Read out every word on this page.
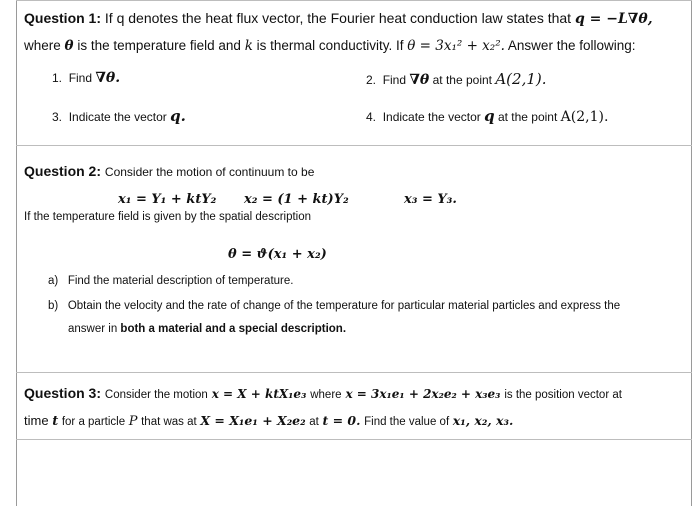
Question 1: If q denotes the heat flux vector, the Fourier heat conduction law states that q = −L∇θ,
where θ is the temperature field and k is thermal conductivity. If θ = 3x₁² + x₂². Answer the following:
1. Find ∇θ.	2. Find ∇θ at the point A(2,1).
3. Indicate the vector q.	4. Indicate the vector q at the point A(2,1).
Question 2: Consider the motion of continuum to be
x₁ = Y₁ + ktY₂ x₂ = (1 + kt)Y₂	x₃ = Y₃.
If the temperature field is given by the spatial description
θ = ϑ(x₁ + x₂)
a) Find the material description of temperature.
b) Obtain the velocity and the rate of change of the temperature for particular material particles and express the
answer in both a material and a special description.
Question 3: Consider the motion x = X + ktX₁e₃ where x = 3x₁e₁ + 2x₂e₂ + x₃e₃ is the position vector at
time t for a particle P that was at X = X₁e₁ + X₂e₂ at t = 0. Find the value of x₁, x₂, x₃.
